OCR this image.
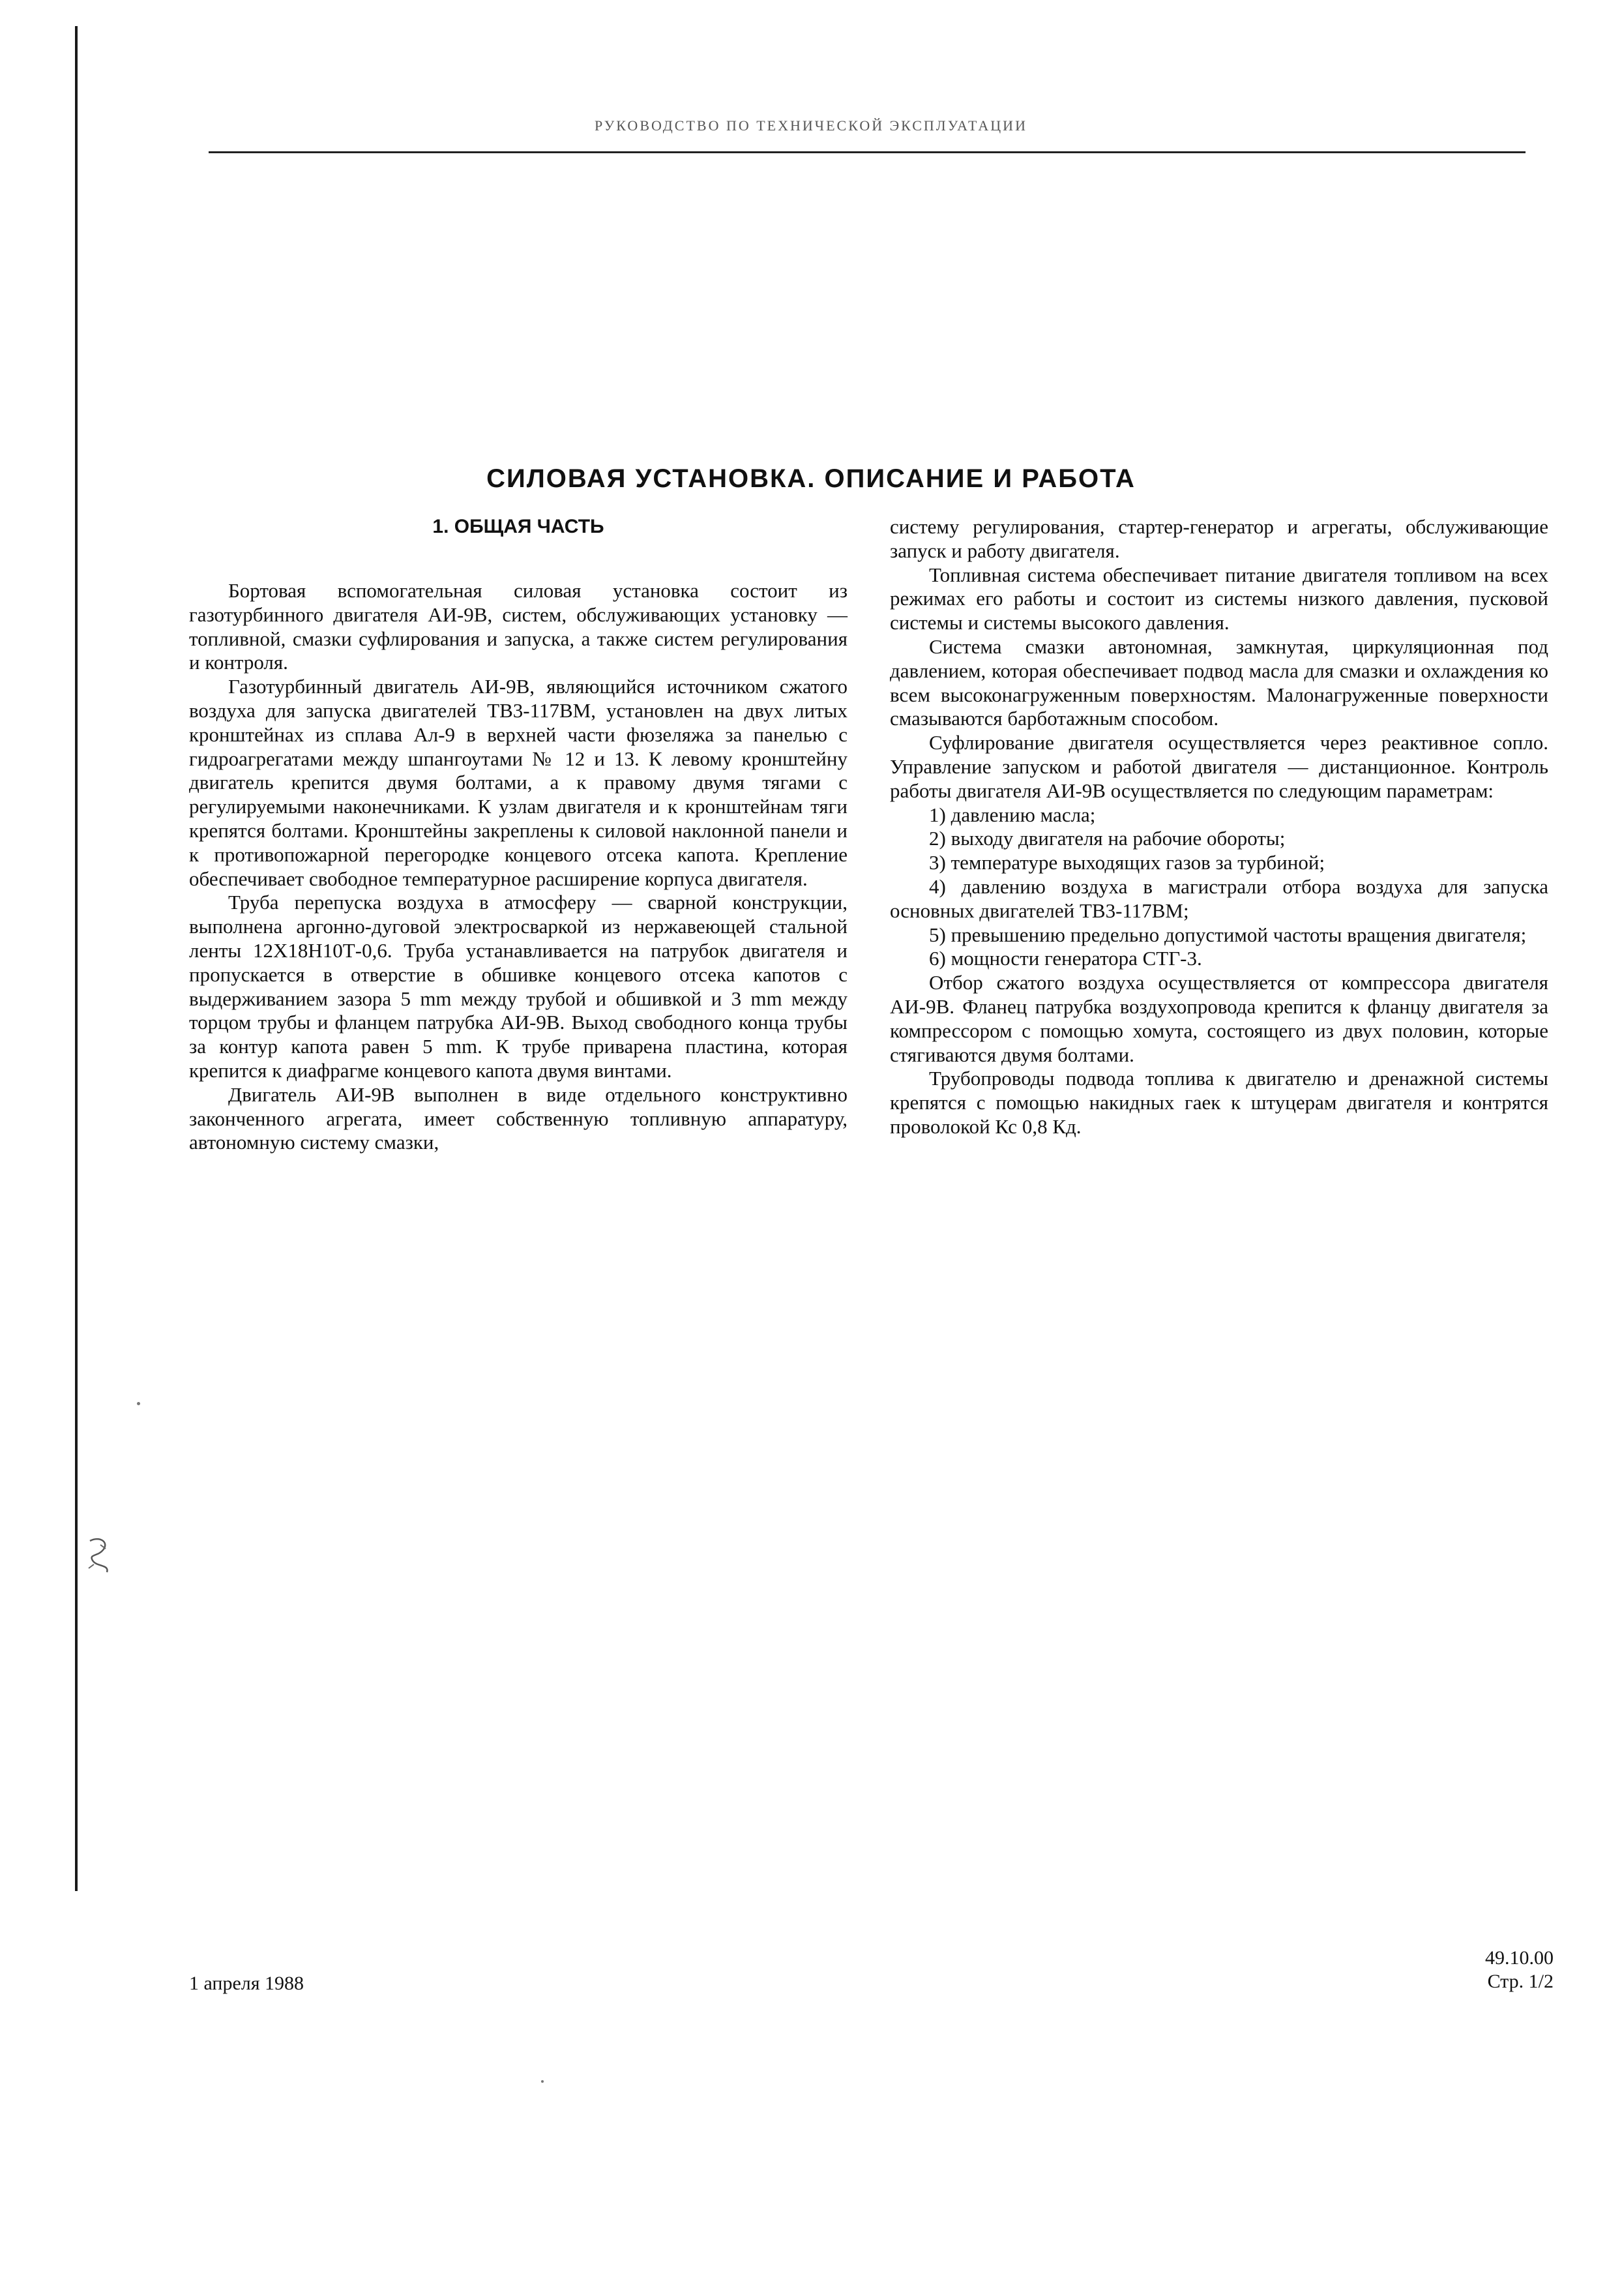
РУКОВОДСТВО ПО ТЕХНИЧЕСКОЙ ЭКСПЛУАТАЦИИ
СИЛОВАЯ УСТАНОВКА. ОПИСАНИЕ И РАБОТА
1. ОБЩАЯ ЧАСТЬ

Бортовая вспомогательная силовая установка состоит из газотурбинного двигателя АИ-9В, систем, обслуживающих установку — топливной, смазки суфлирования и запуска, а также систем регулирования и контроля.

Газотурбинный двигатель АИ-9В, являющийся источником сжатого воздуха для запуска двигателей ТВ3-117ВМ, установлен на двух литых кронштейнах из сплава Ал-9 в верхней части фюзеляжа за панелью с гидроагрегатами между шпангоутами № 12 и 13. К левому кронштейну двигатель крепится двумя болтами, а к правому двумя тягами с регулируемыми наконечниками. К узлам двигателя и к кронштейнам тяги крепятся болтами. Кронштейны закреплены к силовой наклонной панели и к противопожарной перегородке концевого отсека капота. Крепление обеспечивает свободное температурное расширение корпуса двигателя.

Труба перепуска воздуха в атмосферу — сварной конструкции, выполнена аргонно-дуговой электросваркой из нержавеющей стальной ленты 12Х18Н10Т-0,6. Труба устанавливается на патрубок двигателя и пропускается в отверстие в обшивке концевого отсека капотов с выдерживанием зазора 5 mm между трубой и обшивкой и 3 mm между торцом трубы и фланцем патрубка АИ-9В. Выход свободного конца трубы за контур капота равен 5 mm. К трубе приварена пластина, которая крепится к диафрагме концевого капота двумя винтами.

Двигатель АИ-9В выполнен в виде отдельного конструктивно законченного агрегата, имеет собственную топливную аппаратуру, автономную систему смазки,

систему регулирования, стартер-генератор и агрегаты, обслуживающие запуск и работу двигателя.

Топливная система обеспечивает питание двигателя топливом на всех режимах его работы и состоит из системы низкого давления, пусковой системы и системы высокого давления.

Система смазки автономная, замкнутая, циркуляционная под давлением, которая обеспечивает подвод масла для смазки и охлаждения ко всем высоконагруженным поверхностям. Малонагруженные поверхности смазываются барботажным способом.

Суфлирование двигателя осуществляется через реактивное сопло. Управление запуском и работой двигателя — дистанционное. Контроль работы двигателя АИ-9В осуществляется по следующим параметрам:

1) давлению масла;

2) выходу двигателя на рабочие обороты;

3) температуре выходящих газов за турбиной;

4) давлению воздуха в магистрали отбора воздуха для запуска основных двигателей ТВ3-117ВМ;

5) превышению предельно допустимой частоты вращения двигателя;

6) мощности генератора СТГ-3.

Отбор сжатого воздуха осуществляется от компрессора двигателя АИ-9В. Фланец патрубка воздухопровода крепится к фланцу двигателя за компрессором с помощью хомута, состоящего из двух половин, которые стягиваются двумя болтами.

Трубопроводы подвода топлива к двигателю и дренажной системы крепятся с помощью накидных гаек к штуцерам двигателя и контрятся проволокой Кс 0,8 Кд.

1 апреля 1988
49.10.00
Стр. 1/2
